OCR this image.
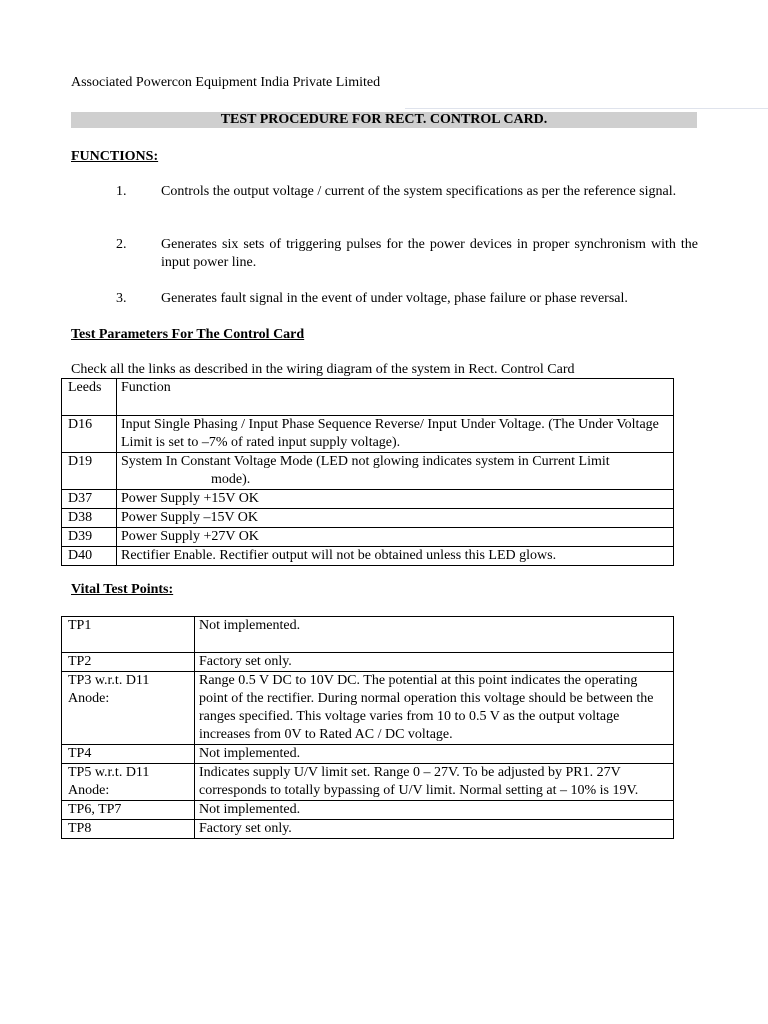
Associated Powercon Equipment India Private Limited
TEST PROCEDURE FOR RECT. CONTROL CARD.
FUNCTIONS:
1.	Controls the output voltage / current of the system specifications as per the reference signal.
2.	Generates six sets of triggering pulses for the power devices in proper synchronism with the input power line.
3.	Generates fault signal in the event of under voltage, phase failure or phase reversal.
Test Parameters For The Control Card
Check all the links as described in the wiring diagram of the system in Rect. Control Card
Leeds	Function
D16	Input Single Phasing / Input Phase Sequence Reverse/ Input Under Voltage. (The Under Voltage Limit is set to –7% of rated input supply voltage).
D19	System In Constant Voltage Mode (LED not glowing indicates system in Current Limit
mode).

D37	Power Supply +15V OK
D38	Power Supply –15V OK
D39	Power Supply +27V OK
D40	Rectifier Enable. Rectifier output will not be obtained unless this LED glows.
Vital Test Points:
TP1	Not implemented.
TP2	Factory set only.

TP3 w.r.t. D11
Anode:	Range 0.5 V DC to 10V DC. The potential at this point indicates the operating point of the rectifier. During normal operation this voltage should be between the ranges specified. This voltage varies from 10 to 0.5 V as the output voltage increases from 0V to Rated AC / DC voltage.
TP4	Not implemented.

TP5 w.r.t. D11
Anode:	Indicates supply U/V limit set. Range 0 – 27V. To be adjusted by PR1. 27V corresponds to totally bypassing of U/V limit. Normal setting at – 10% is 19V.
TP6, TP7	Not implemented.
TP8	Factory set only.
